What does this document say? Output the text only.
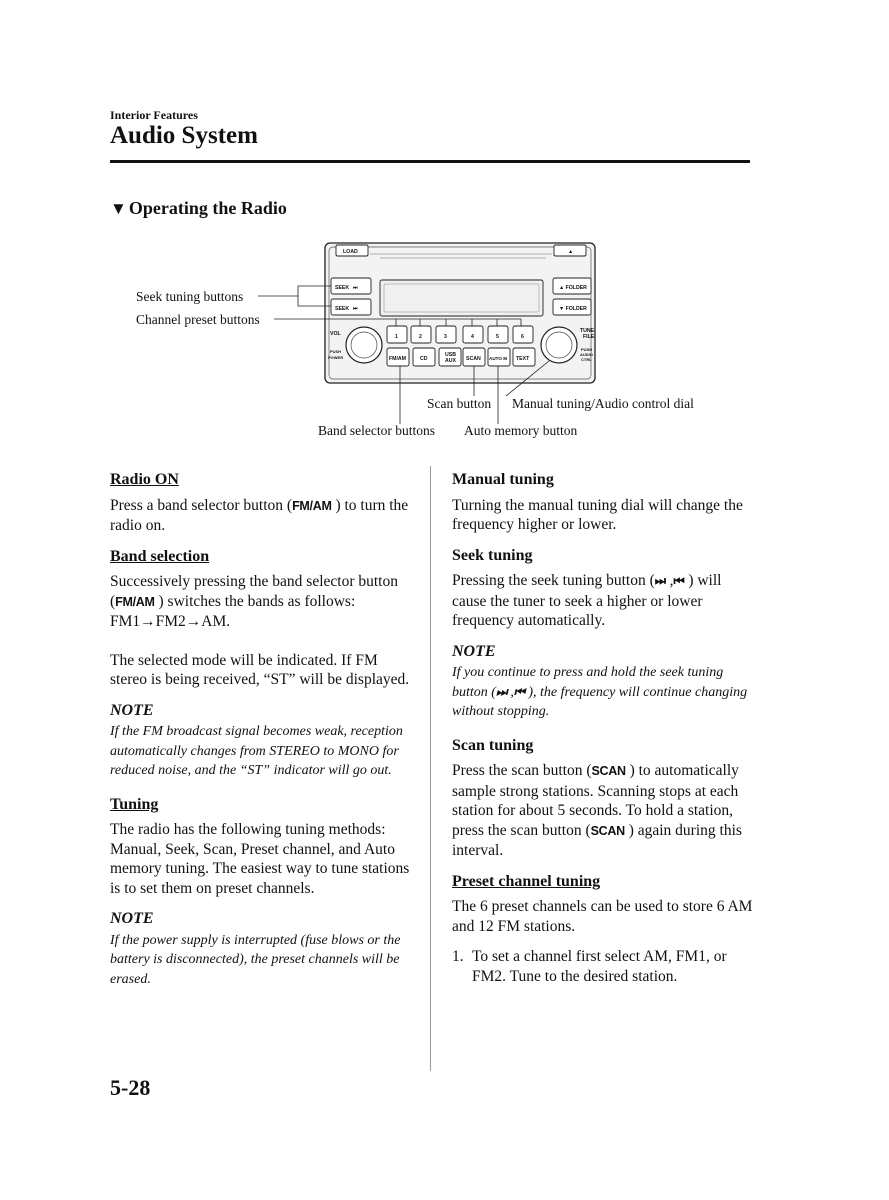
Interior Features
Audio System
▼ Operating the Radio
LOAD	▲
SEEK ⏭
SEEK ⏮
▲ FOLDER
▼ FOLDER
VOL
PUSH
POWER
TUNE
FILE
PUSH
AUDIO
CTRL
1	2	3	4	5	6
FM/AM	CD
USB
AUX SCAN AUTO M TEXT
Seek tuning buttons
Channel preset buttons
Scan button Manual tuning/Audio control dial
Band selector buttons Auto memory button
Radio ON

Press a band selector button (FM/AM ) to turn the radio on.

Band selection

Successively pressing the band selector button (FM/AM ) switches the bands as follows: FM1→FM2→AM.

The selected mode will be indicated. If FM stereo is being received, “ST” will be displayed.

NOTE

If the FM broadcast signal becomes weak, reception automatically changes from STEREO to MONO for reduced noise, and the “ST” indicator will go out.

Tuning

The radio has the following tuning methods: Manual, Seek, Scan, Preset channel, and Auto memory tuning. The easiest way to tune stations is to set them on preset channels.

NOTE

If the power supply is interrupted (fuse blows or the battery is disconnected), the preset channels will be erased.

Manual tuning

Turning the manual tuning dial will change the frequency higher or lower.

Seek tuning

Pressing the seek tuning button (⏭ ,⏮ ) will cause the tuner to seek a higher or lower frequency automatically.

NOTE

If you continue to press and hold the seek tuning button (⏭ ,⏮ ), the frequency will continue changing without stopping.

Scan tuning

Press the scan button (SCAN ) to automatically sample strong stations. Scanning stops at each station for about 5 seconds. To hold a station, press the scan button (SCAN ) again during this interval.

Preset channel tuning

The 6 preset channels can be used to store 6 AM and 12 FM stations.

1. To set a channel first select AM, FM1, or FM2. Tune to the desired station.
5-28
